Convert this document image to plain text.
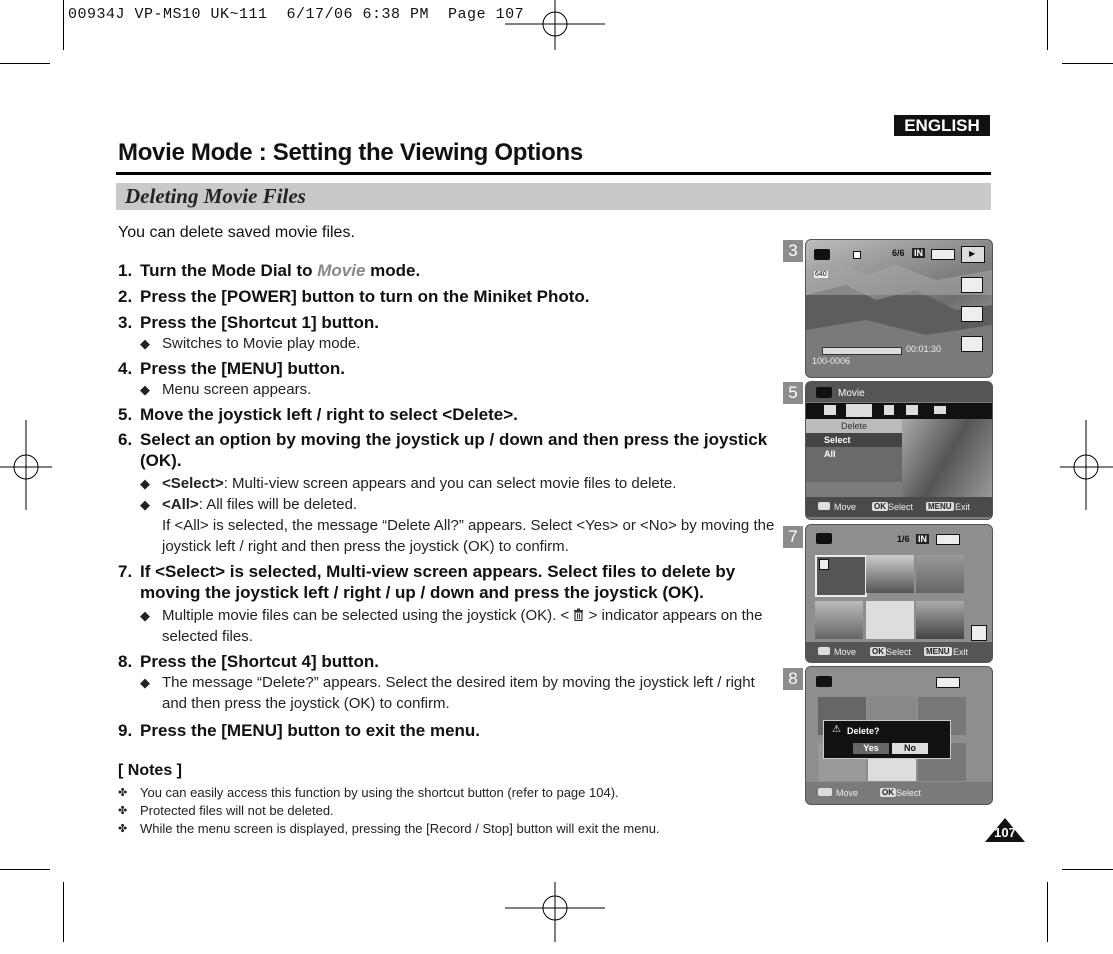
00934J VP-MS10 UK~111  6/17/06 6:38 PM  Page 107
ENGLISH
Movie Mode : Setting the Viewing Options
Deleting Movie Files
You can delete saved movie files.
1. Turn the Mode Dial to Movie mode.
2. Press the [POWER] button to turn on the Miniket Photo.
3. Press the [Shortcut 1] button.
◆ Switches to Movie play mode.
4. Press the [MENU] button.
◆ Menu screen appears.
5. Move the joystick left / right to select <Delete>.
6. Select an option by moving the joystick up / down and then press the joystick (OK).
◆ <Select>: Multi-view screen appears and you can select movie files to delete.
◆ <All>: All files will be deleted.
If <All> is selected, the message “Delete All?” appears. Select <Yes> or <No> by moving the joystick left / right and then press the joystick (OK) to confirm.
7. If <Select> is selected, Multi-view screen appears. Select files to delete by moving the joystick left / right / up / down and press the joystick (OK).
◆ Multiple movie files can be selected using the joystick (OK). <  > indicator appears on the selected files.
8. Press the [Shortcut 4] button.
◆ The message “Delete?” appears. Select the desired item by moving the joystick left / right and then press the joystick (OK) to confirm.
9. Press the [MENU] button to exit the menu.
[ Notes ]
✤ You can easily access this function by using the shortcut button (refer to page 104).
✤ Protected files will not be deleted.
✤ While the menu screen is displayed, pressing the [Record / Stop] button will exit the menu.
3	6/6 IN	▶
640
00:01:30
100-0006
5	Movie
Delete
Select
All
Move OK Select MENU Exit
7	1/6 IN
Move OK Select MENU Exit
8
⚠ Delete?
Yes	No
Move	OK Select
107
